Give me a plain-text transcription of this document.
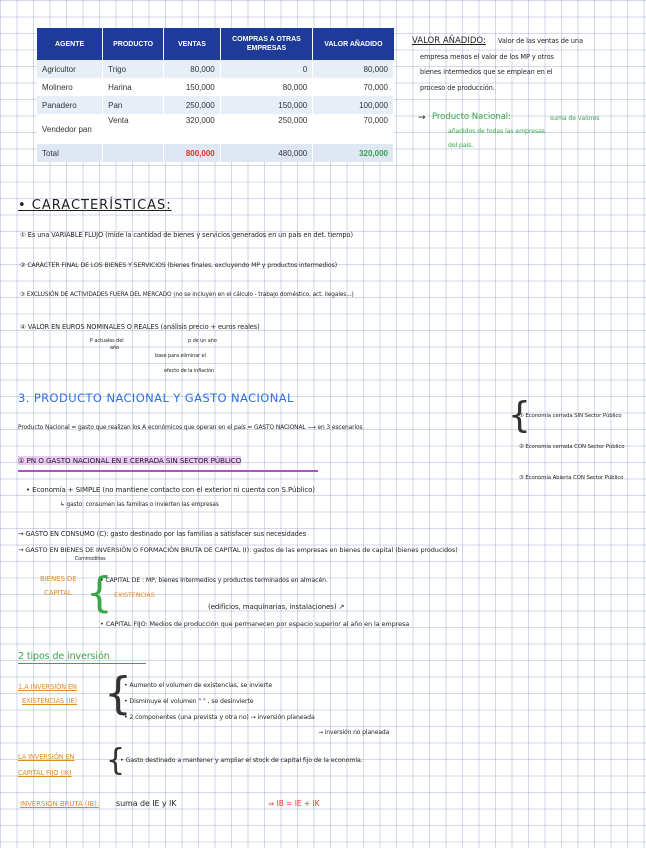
AGENTE	PRODUCTO	VENTAS	COMPRAS A OTRAS EMPRESAS	VALOR AÑADIDO
Agricultor	Trigo	80,000	0	80,000
Molinero	Harina	150,000	80,000	70,000
Panadero	Pan	250,000	150,000	100,000
Vendedor pan	Venta	320,000	250,000	70,000
Total		800,000	480,000	320,000
VALOR AÑADIDO: Valor de las ventas de una
empresa menos el valor de los MP y otros
bienes intermedios que se emplean en el
proceso de producción.
→ Producto Nacional:	suma de valores
añadidos de todas las empresas
del país.
• CARACTERÍSTICAS:
① Es una VARIABLE FLUJO (mide la cantidad de bienes y servicios generados en un país en det. tiempo)
② CARÁCTER FINAL DE LOS BIENES Y SERVICIOS (bienes finales, excluyendo MP y productos intermedios)
③ EXCLUSIÓN DE ACTIVIDADES FUERA DEL MERCADO (no se incluyen en el cálculo - trabajo doméstico, act. ilegales...)
④ VALOR EN EUROS NOMINALES O REALES (análisis precio + euros reales)
P actuales del
año
p de un año
base para eliminar el
efecto de la inflación
3. PRODUCTO NACIONAL Y GASTO NACIONAL
Producto Nacional = gasto que realizan los A económicos que operan en el país = GASTO NACIONAL ⟶ en 3 escenarios	{
① Economía cerrada SIN Sector Público
② Economía cerrada CON Sector Público
③ Economía Abierta CON Sector Público
① PN O GASTO NACIONAL EN E CERRADA SIN SECTOR PÚBLICO
• Economía + SIMPLE (no mantiene contacto con el exterior ni cuenta con S.Público)
↳ gasto: consumen las familias o invierten las empresas
→ GASTO EN CONSUMO (C): gasto destinado por las familias a satisfacer sus necesidades
→ GASTO EN BIENES DE INVERSIÓN O FORMACIÓN BRUTA DE CAPITAL (I): gastos de las empresas en bienes de capital (bienes producidos)
Commodities
BIENES DE
CAPITAL {
• CAPITAL DE : MP, bienes intermedios y productos terminados en almacén.
EXISTENCIAS
(edificios, maquinarias, instalaciones) ↗
• CAPITAL FIJO: Medios de producción que permanecen por espacio superior al año en la empresa
2 tipos de inversión
1.A INVERSIÓN EN
EXISTENCIAS (IE) {
• Aumento el volumen de existencias, se invierte
• Disminuye el volumen " " , se desinvierte
• 2 componentes (una prevista y otra no) → inversión planeada
→ inversión no planeada
LA INVERSIÓN EN
CAPITAL FIJO (IK) {
• Gasto destinado a mantener y ampliar el stock de capital fijo de la economía.
INVERSIÓN BRUTA (IB): suma de IE y IK	⇒ IB = IE + IK
